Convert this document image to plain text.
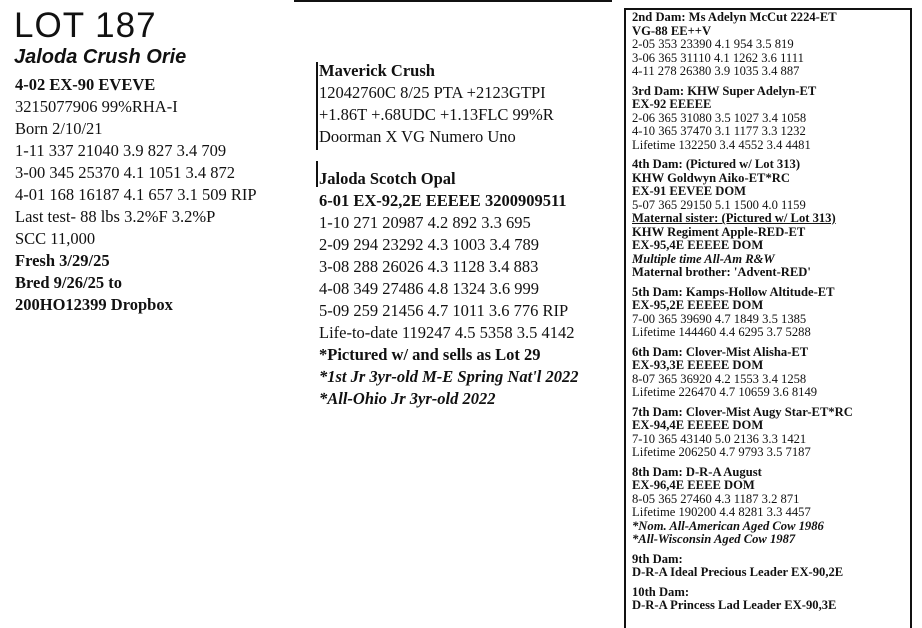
LOT 187
Jaloda Crush Orie
4-02 EX-90 EVEVE
3215077906 99%RHA-I
Born 2/10/21
1-11 337 21040 3.9 827 3.4 709
3-00 345 25370 4.1 1051 3.4 872
4-01 168 16187 4.1 657 3.1 509 RIP
Last test- 88 lbs 3.2%F 3.2%P
SCC 11,000
Fresh 3/29/25
Bred 9/26/25 to
200HO12399 Dropbox
Maverick Crush
12042760C 8/25 PTA +2123GTPI
+1.86T +.68UDC +1.13FLC 99%R
Doorman X VG Numero Uno
Jaloda Scotch Opal
6-01 EX-92,2E EEEEE 3200909511
1-10 271 20987 4.2 892 3.3 695
2-09 294 23292 4.3 1003 3.4 789
3-08 288 26026 4.3 1128 3.4 883
4-08 349 27486 4.8 1324 3.6 999
5-09 259 21456 4.7 1011 3.6 776 RIP
Life-to-date 119247 4.5 5358 3.5 4142
*Pictured w/ and sells as Lot 29
*1st Jr 3yr-old M-E Spring Nat'l 2022
*All-Ohio Jr 3yr-old 2022
2nd Dam: Ms Adelyn McCut 2224-ET
VG-88 EE++V
2-05 353 23390 4.1 954 3.5 819
3-06 365 31110 4.1 1262 3.6 1111
4-11 278 26380 3.9 1035 3.4 887
3rd Dam: KHW Super Adelyn-ET
EX-92 EEEEE
2-06 365 31080 3.5 1027 3.4 1058
4-10 365 37470 3.1 1177 3.3 1232
Lifetime 132250 3.4 4552 3.4 4481
4th Dam: (Pictured w/ Lot 313)
KHW Goldwyn Aiko-ET*RC
EX-91 EEVEE DOM
5-07 365 29150 5.1 1500 4.0 1159
Maternal sister: (Pictured w/ Lot 313)
KHW Regiment Apple-RED-ET
EX-95,4E EEEEE DOM
Multiple time All-Am R&W
Maternal brother: 'Advent-RED'
5th Dam: Kamps-Hollow Altitude-ET
EX-95,2E EEEEE DOM
7-00 365 39690 4.7 1849 3.5 1385
Lifetime 144460 4.4 6295 3.7 5288
6th Dam: Clover-Mist Alisha-ET
EX-93,3E EEEEE DOM
8-07 365 36920 4.2 1553 3.4 1258
Lifetime 226470 4.7 10659 3.6 8149
7th Dam: Clover-Mist Augy Star-ET*RC
EX-94,4E EEEEE DOM
7-10 365 43140 5.0 2136 3.3 1421
Lifetime 206250 4.7 9793 3.5 7187
8th Dam: D-R-A August
EX-96,4E EEEE DOM
8-05 365 27460 4.3 1187 3.2 871
Lifetime 190200 4.4 8281 3.3 4457
*Nom. All-American Aged Cow 1986
*All-Wisconsin Aged Cow 1987
9th Dam:
D-R-A Ideal Precious Leader EX-90,2E
10th Dam:
D-R-A Princess Lad Leader EX-90,3E
